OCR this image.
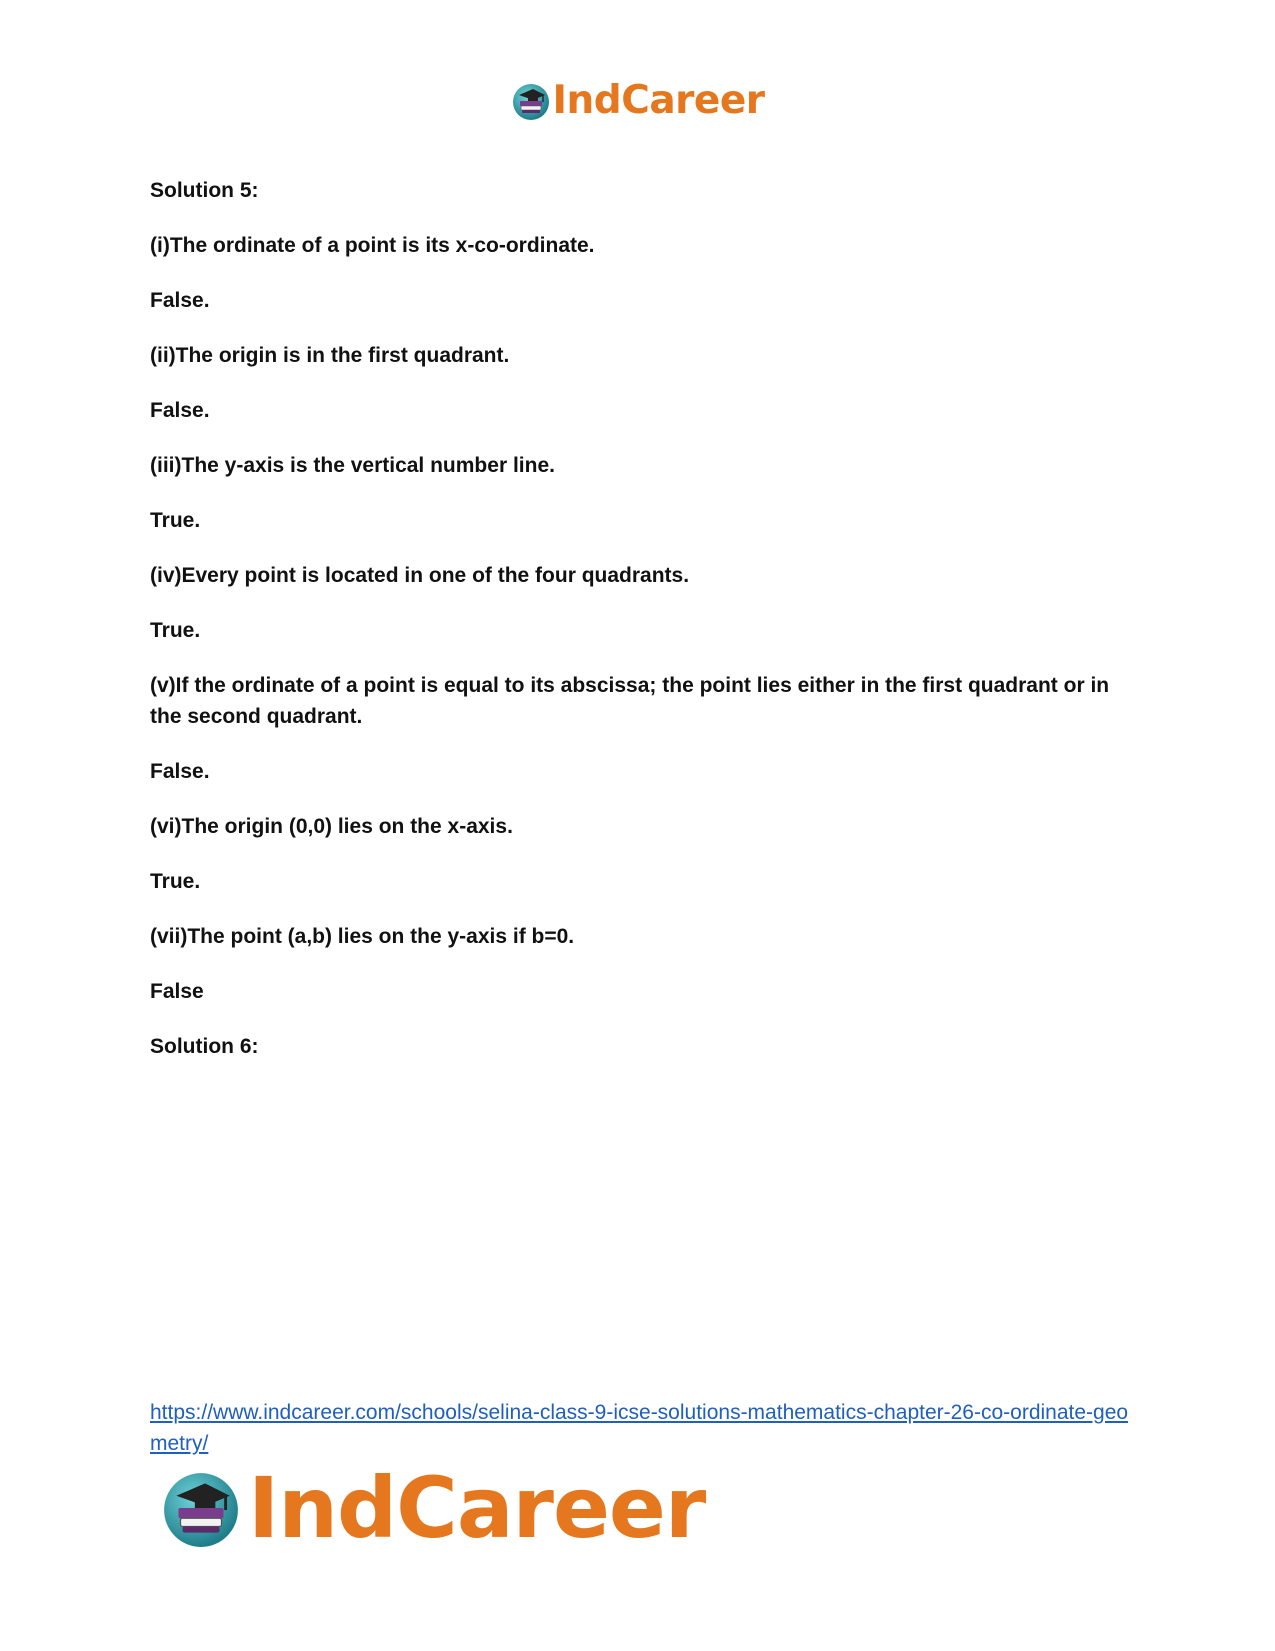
IndCareer

Solution 5:

(i)The ordinate of a point is its x-co-ordinate.

False.

(ii)The origin is in the first quadrant.

False.

(iii)The y-axis is the vertical number line.

True.

(iv)Every point is located in one of the four quadrants.

True.

(v)If the ordinate of a point is equal to its abscissa; the point lies either in the first quadrant or in the second quadrant.

False.

(vi)The origin (0,0) lies on the x-axis.

True.

(vii)The point (a,b) lies on the y-axis if b=0.

False

Solution 6:

https://www.indcareer.com/schools/selina-class-9-icse-solutions-mathematics-chapter-26-co-ordinate-geometry/
IndCareer
